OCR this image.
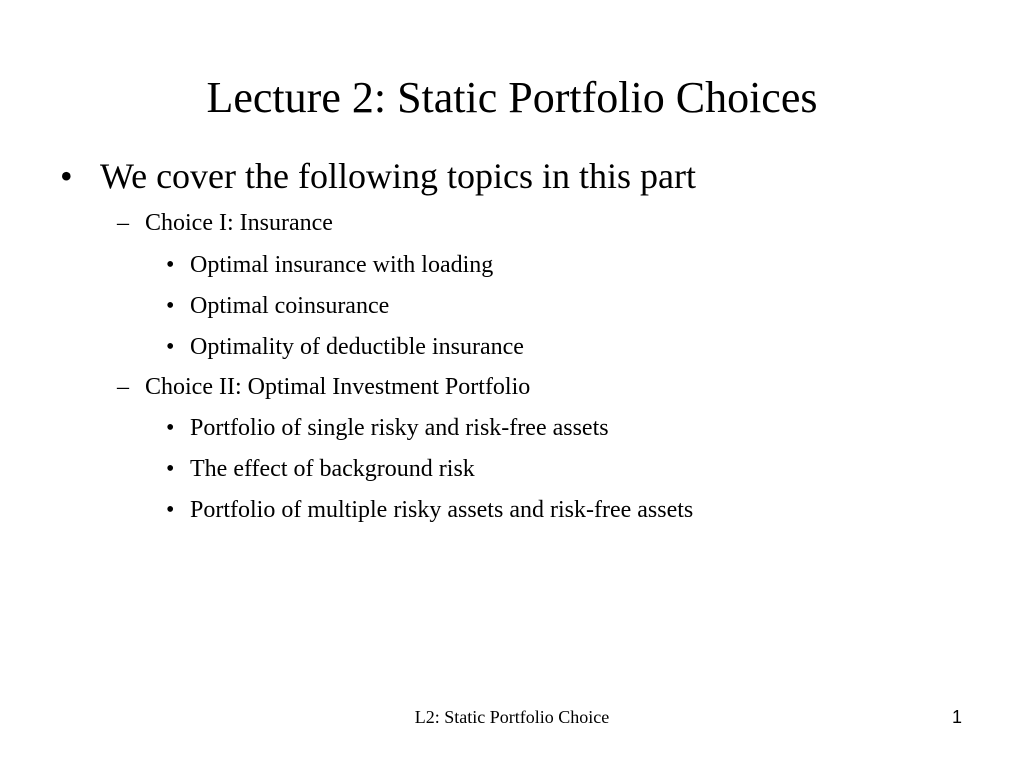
Lecture 2: Static Portfolio Choices
• We cover the following topics in this part
– Choice I: Insurance
• Optimal insurance with loading
• Optimal coinsurance
• Optimality of deductible insurance
– Choice II: Optimal Investment Portfolio
• Portfolio of single risky and risk-free assets
• The effect of background risk
• Portfolio of multiple risky assets and risk-free assets
L2: Static Portfolio Choice	1
